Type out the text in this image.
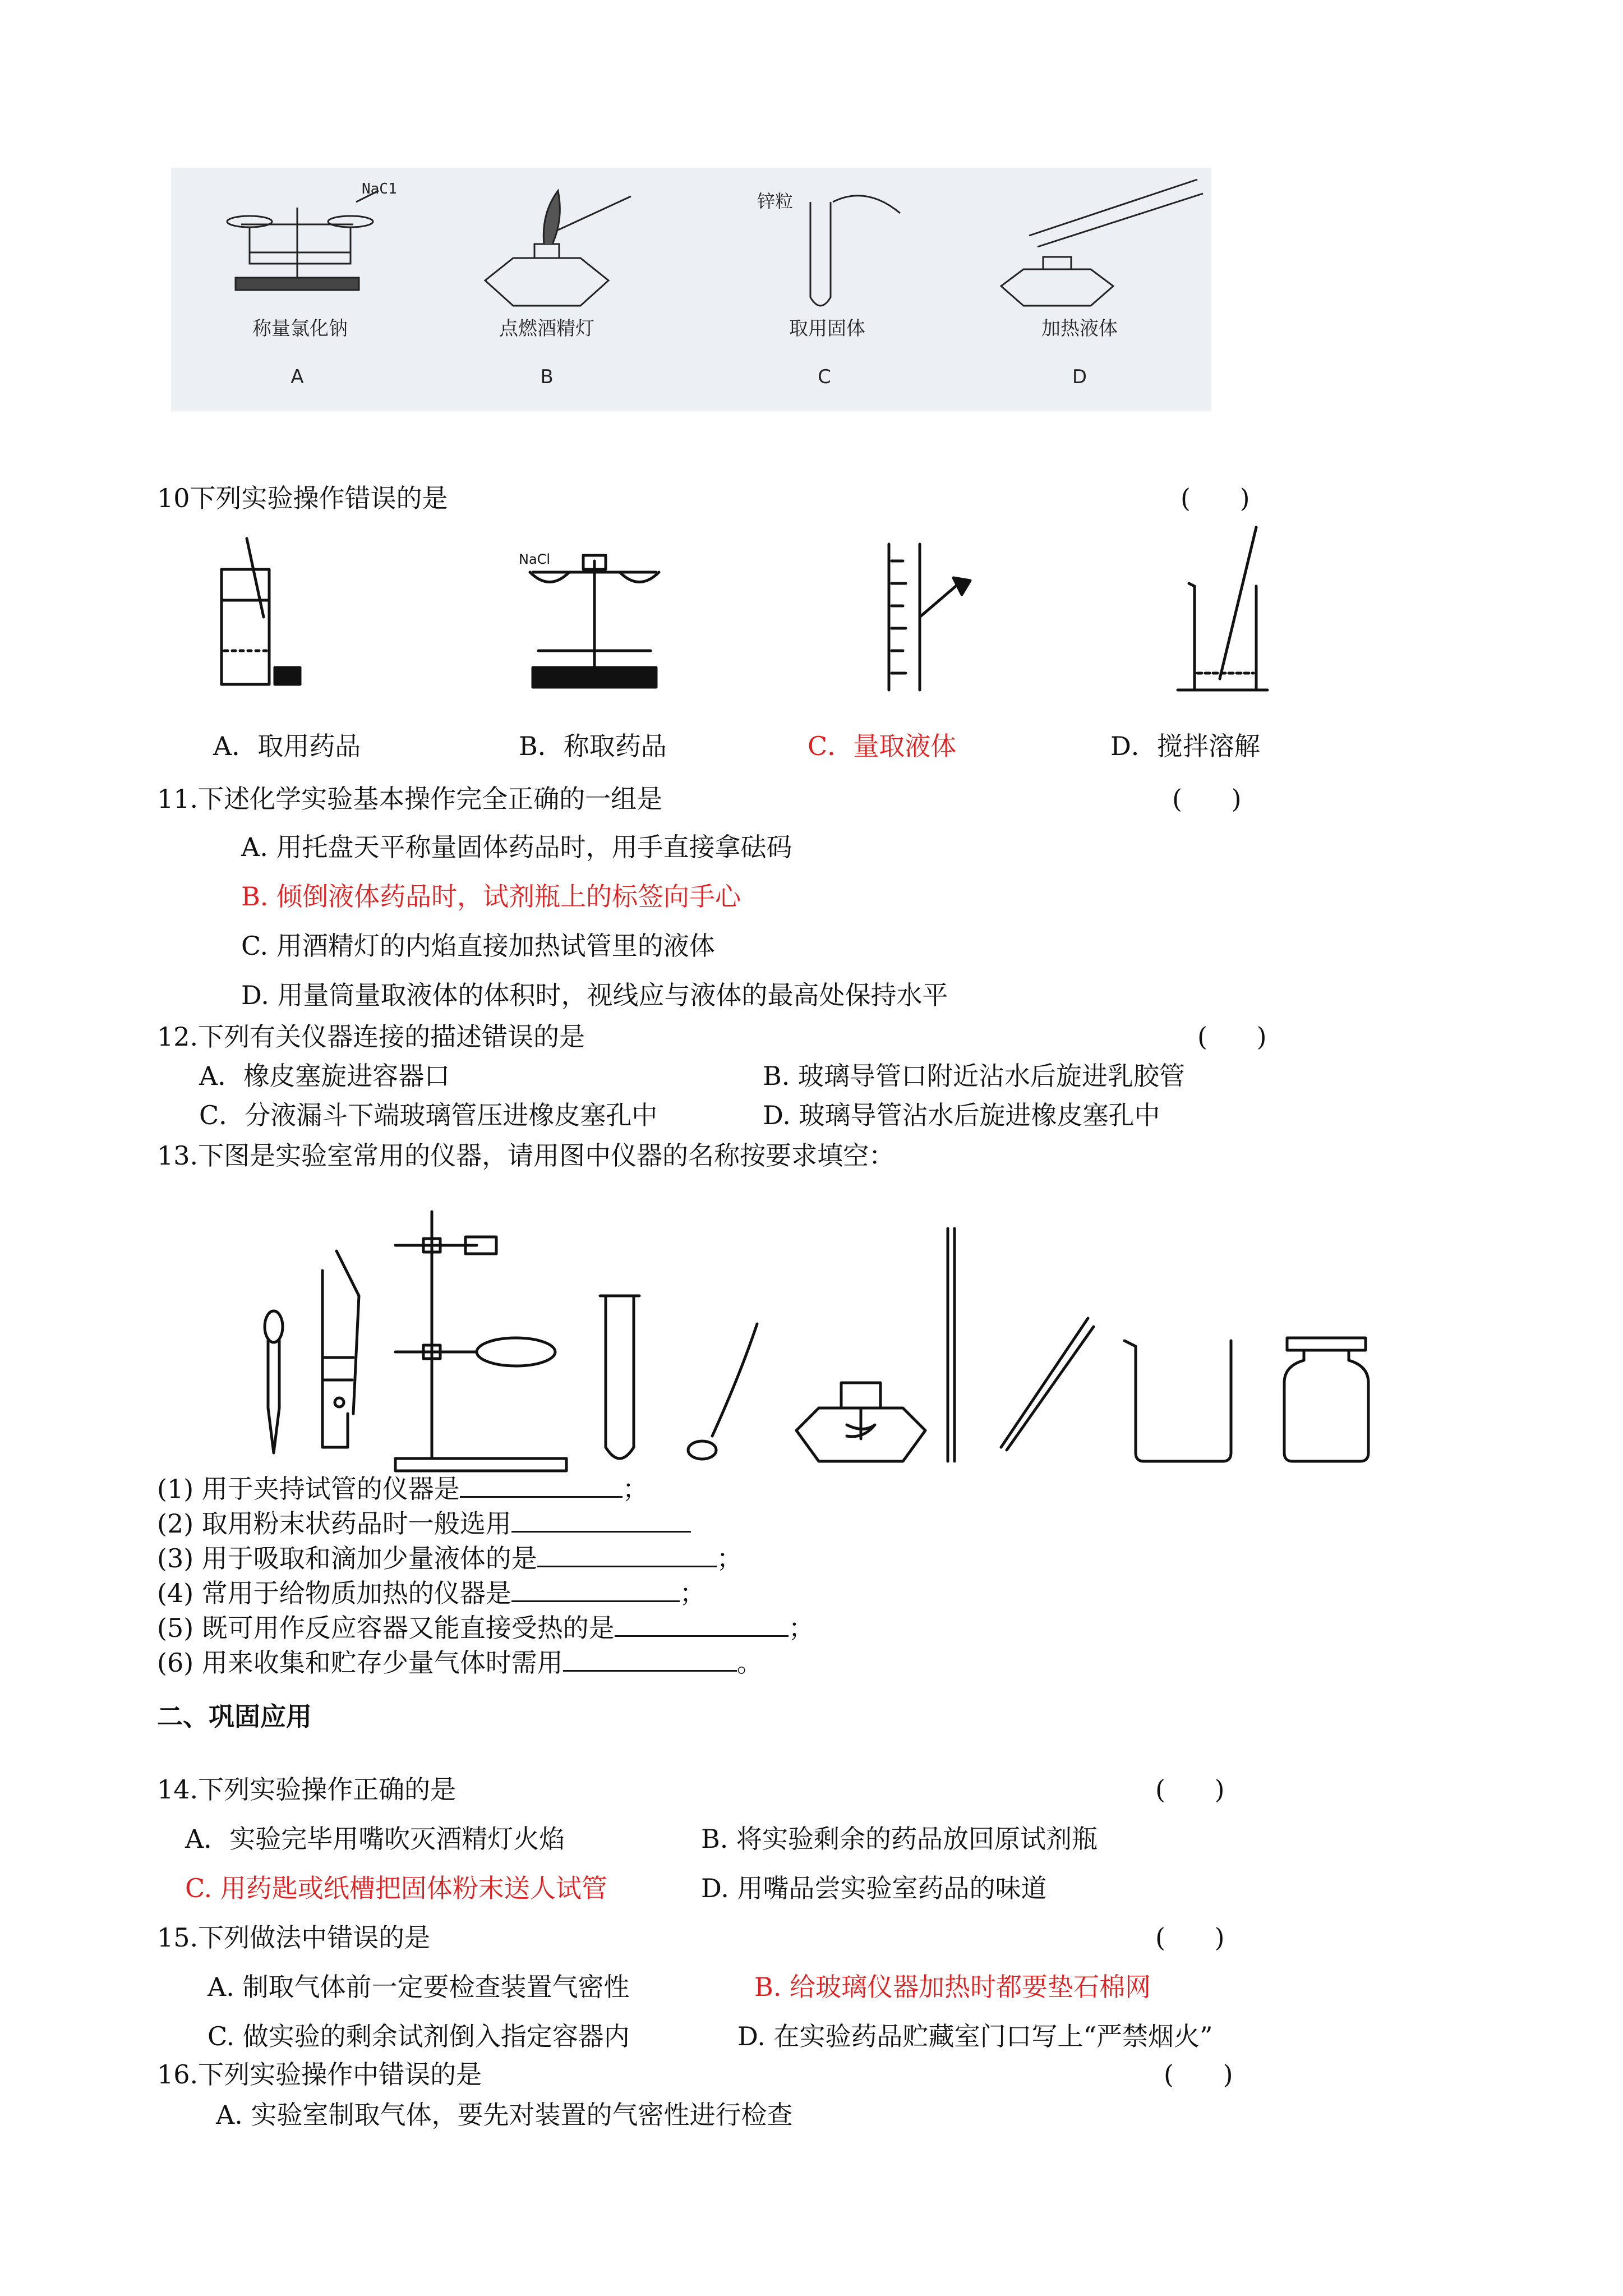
NaC1
锌粒
称量氯化钠	点燃酒精灯	取用固体	加热液体
A	B	C	D
10下列实验操作错误的是	(      )
NaCl
A．取用药品	B．称取药品	C．量取液体	D．搅拌溶解
11.下述化学实验基本操作完全正确的一组是	(      )
A. 用托盘天平称量固体药品时，用手直接拿砝码
B. 倾倒液体药品时，试剂瓶上的标签向手心
C. 用酒精灯的内焰直接加热试管里的液体
D. 用量筒量取液体的体积时，视线应与液体的最高处保持水平
12.下列有关仪器连接的描述错误的是	(      )
A．橡皮塞旋进容器口	B. 玻璃导管口附近沾水后旋进乳胶管
C．分液漏斗下端玻璃管压进橡皮塞孔中	D. 玻璃导管沾水后旋进橡皮塞孔中
13.下图是实验室常用的仪器，请用图中仪器的名称按要求填空：
(1) 用于夹持试管的仪器是	；
(2) 取用粉末状药品时一般选用
(3) 用于吸取和滴加少量液体的是	；
(4) 常用于给物质加热的仪器是	；
(5) 既可用作反应容器又能直接受热的是	；
(6) 用来收集和贮存少量气体时需用	。
二、巩固应用
14.下列实验操作正确的是	(      )
A．实验完毕用嘴吹灭酒精灯火焰	B. 将实验剩余的药品放回原试剂瓶
C. 用药匙或纸槽把固体粉末送人试管	D. 用嘴品尝实验室药品的味道
15.下列做法中错误的是	(      )
A. 制取气体前一定要检查装置气密性	B. 给玻璃仪器加热时都要垫石棉网
C. 做实验的剩余试剂倒入指定容器内	D. 在实验药品贮藏室门口写上“严禁烟火”
16.下列实验操作中错误的是	(      )
A. 实验室制取气体，要先对装置的气密性进行检查
